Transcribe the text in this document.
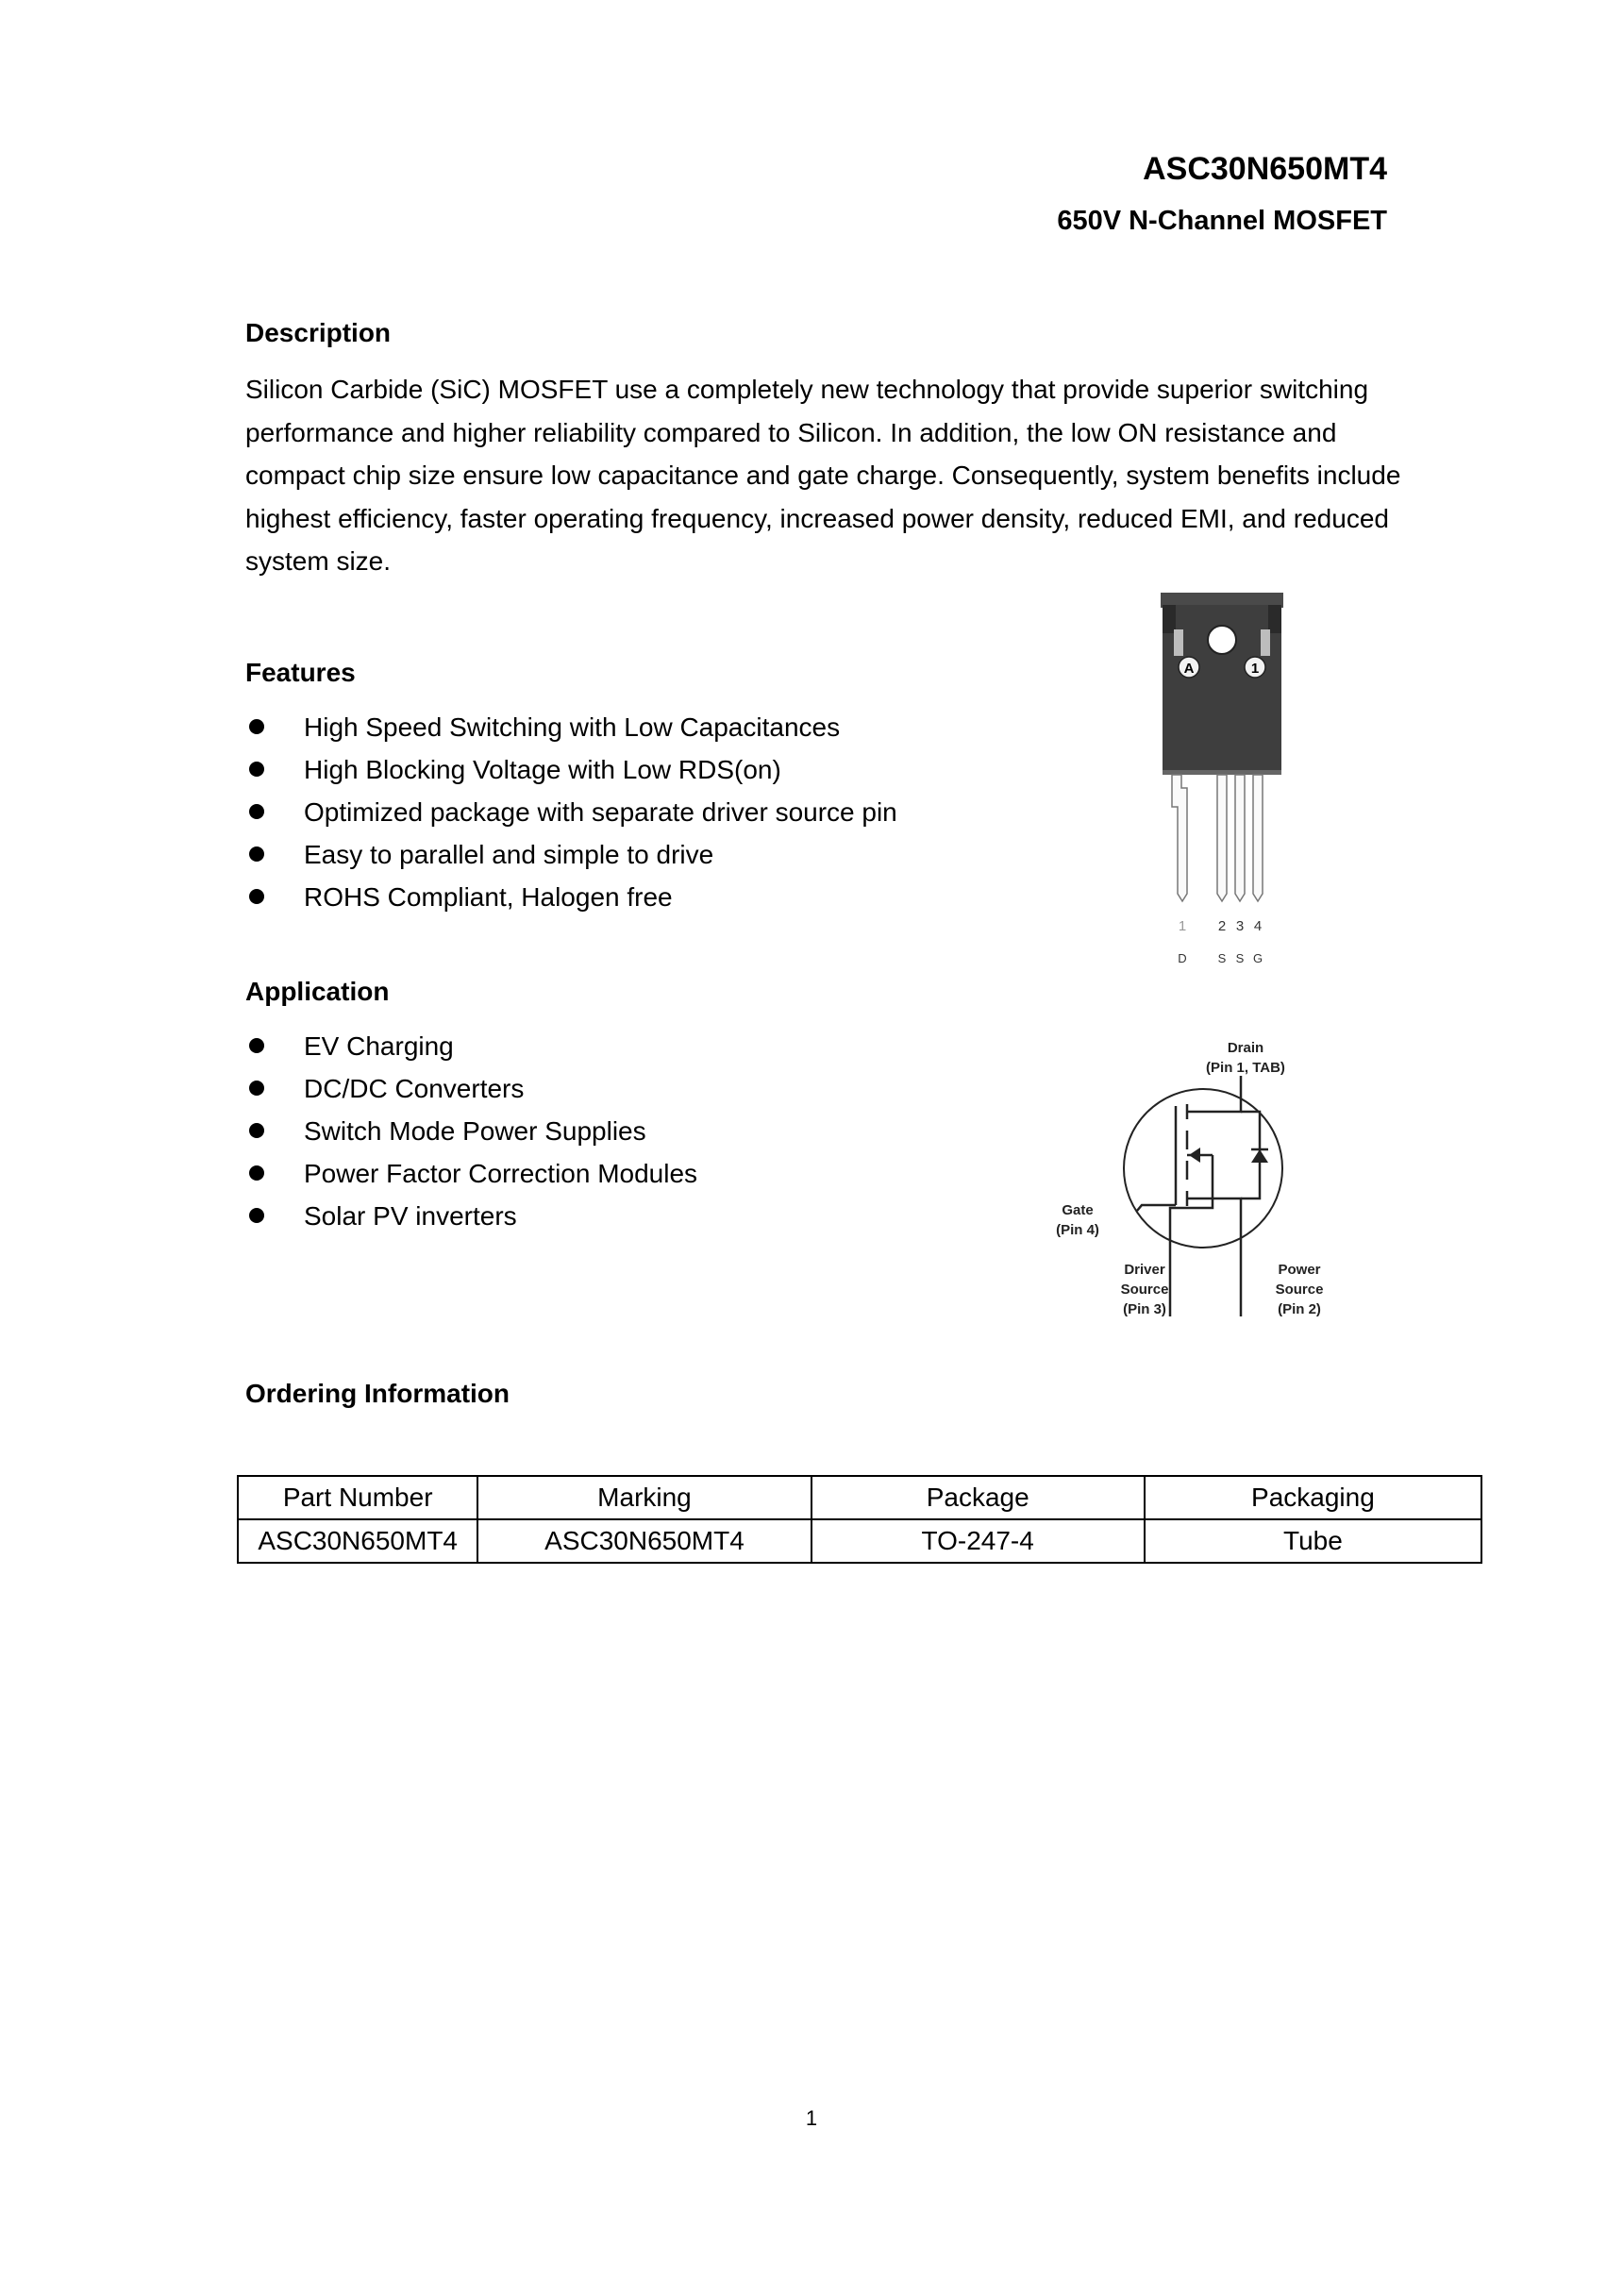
ASC30N650MT4
650V N-Channel MOSFET
Description
Silicon Carbide (SiC) MOSFET use a completely new technology that provide superior switching performance and higher reliability compared to Silicon. In addition, the low ON resistance and compact chip size ensure low capacitance and gate charge. Consequently, system benefits include highest efficiency, faster operating frequency, increased power density, reduced EMI, and reduced system size.
Features
High Speed Switching with Low Capacitances
High Blocking Voltage with Low RDS(on)
Optimized package with separate driver source pin
Easy to parallel and simple to drive
ROHS Compliant, Halogen free
Application
EV Charging
DC/DC Converters
Switch Mode Power Supplies
Power Factor Correction Modules
Solar PV inverters
A	1
1 2 3 4
D	S S G
Drain
(Pin 1, TAB)
Gate
(Pin 4)
Driver
Source
(Pin 3)
Power
Source
(Pin 2)
Ordering Information
Part Number	Marking	Package	Packaging
ASC30N650MT4	ASC30N650MT4	TO-247-4	Tube
1
